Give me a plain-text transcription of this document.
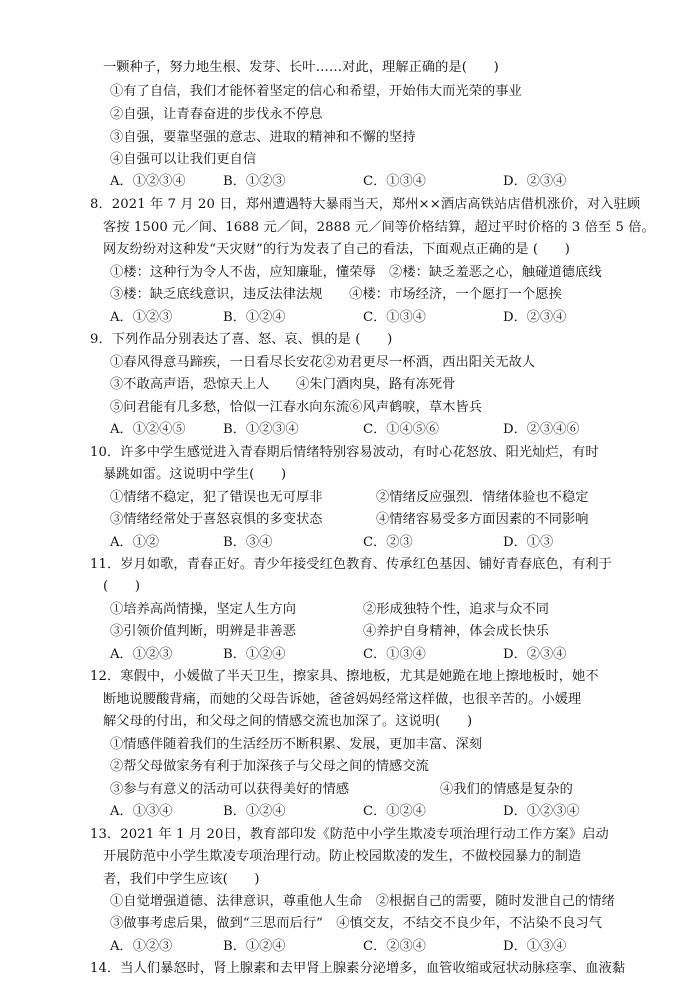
一颗种子，努力地生根、发芽、长叶……对此，理解正确的是(　　)
①有了自信，我们才能怀着坚定的信心和希望，开始伟大而光荣的事业
②自强，让青春奋进的步伐永不停息
③自强，要靠坚强的意志、进取的精神和不懈的坚持
④自强可以让我们更自信
A．①②③④	B．①②③	C．①③④	D．②③④
8．2021 年 7 月 20 日，郑州遭遇特大暴雨当天，郑州××酒店高铁站店借机涨价，对入驻顾
客按 1500 元／间、1688 元／间，2888 元／间等价格结算，超过平时价格的 3 倍至 5 倍。
网友纷纷对这种发“天灾财”的行为发表了自己的看法，下面观点正确的是 (　　)
①楼：这种行为令人不齿，应知廉耻，懂荣辱　②楼：缺乏羞恶之心，触碰道德底线
③楼：缺乏底线意识，违反法律法规　　④楼：市场经济，一个愿打一个愿挨
A．①②③	B．①②④	C．①③④	D．②③④
9．下列作品分别表达了喜、怒、哀、惧的是 (　　)
①春风得意马蹄疾，一日看尽长安花②劝君更尽一杯酒，西出阳关无故人
③不敢高声语，恐惊天上人　　④朱门酒肉臭，路有冻死骨
⑤问君能有几多愁，恰似一江春水向东流⑥风声鹤唳，草木皆兵
A．①②④⑤	B．①②③④	C．①④⑤⑥	D．②③④⑥
10．许多中学生感觉进入青春期后情绪特别容易波动，有时心花怒放、阳光灿烂，有时
暴跳如雷。这说明中学生(　　)
①情绪不稳定，犯了错误也无可厚非	②情绪反应强烈．情绪体验也不稳定
③情绪经常处于喜怒哀惧的多变状态	④情绪容易受多方面因素的不同影响
A．①②	B．③④	C．②③	D．①③
11．岁月如歌，青春正好。青少年接受红色教育、传承红色基因、铺好青春底色，有利于
(　　)
①培养高尚情操，坚定人生方向	②形成独特个性，追求与众不同
③引领价值判断，明辨是非善恶	④养护自身精神，体会成长快乐
A．①②③	B．①②④	C．①③④	D．②③④
12．寒假中，小媛做了半天卫生，擦家具、擦地板，尤其是她跪在地上擦地板时，她不
断地说腰酸背痛，而她的父母告诉她，爸爸妈妈经常这样做，也很辛苦的。小媛理
解父母的付出，和父母之间的情感交流也加深了。这说明(　　)
①情感伴随着我们的生活经历不断积累、发展，更加丰富、深刻
②帮父母做家务有利于加深孩子与父母之间的情感交流
③参与有意义的活动可以获得美好的情感	④我们的情感是复杂的
A．①③④	B．①②④	C．①②④	D．①②③④
13．2021 年 1 月 20日，教育部印发《防范中小学生欺凌专项治理行动工作方案》启动
开展防范中小学生欺凌专项治理行动。防止校园欺凌的发生，不做校园暴力的制造
者，我们中学生应该(　　)
①自觉增强道德、法律意识，尊重他人生命　②根据自己的需要，随时发泄自己的情绪
③做事考虑后果，做到“三思而后行”　④慎交友，不结交不良少年，不沾染不良习气
A．①②③	B．①②④	C．②③④	D．①③④
14．当人们暴怒时，肾上腺素和去甲肾上腺素分泌增多，血管收缩或冠状动脉痉挛、血液黏
